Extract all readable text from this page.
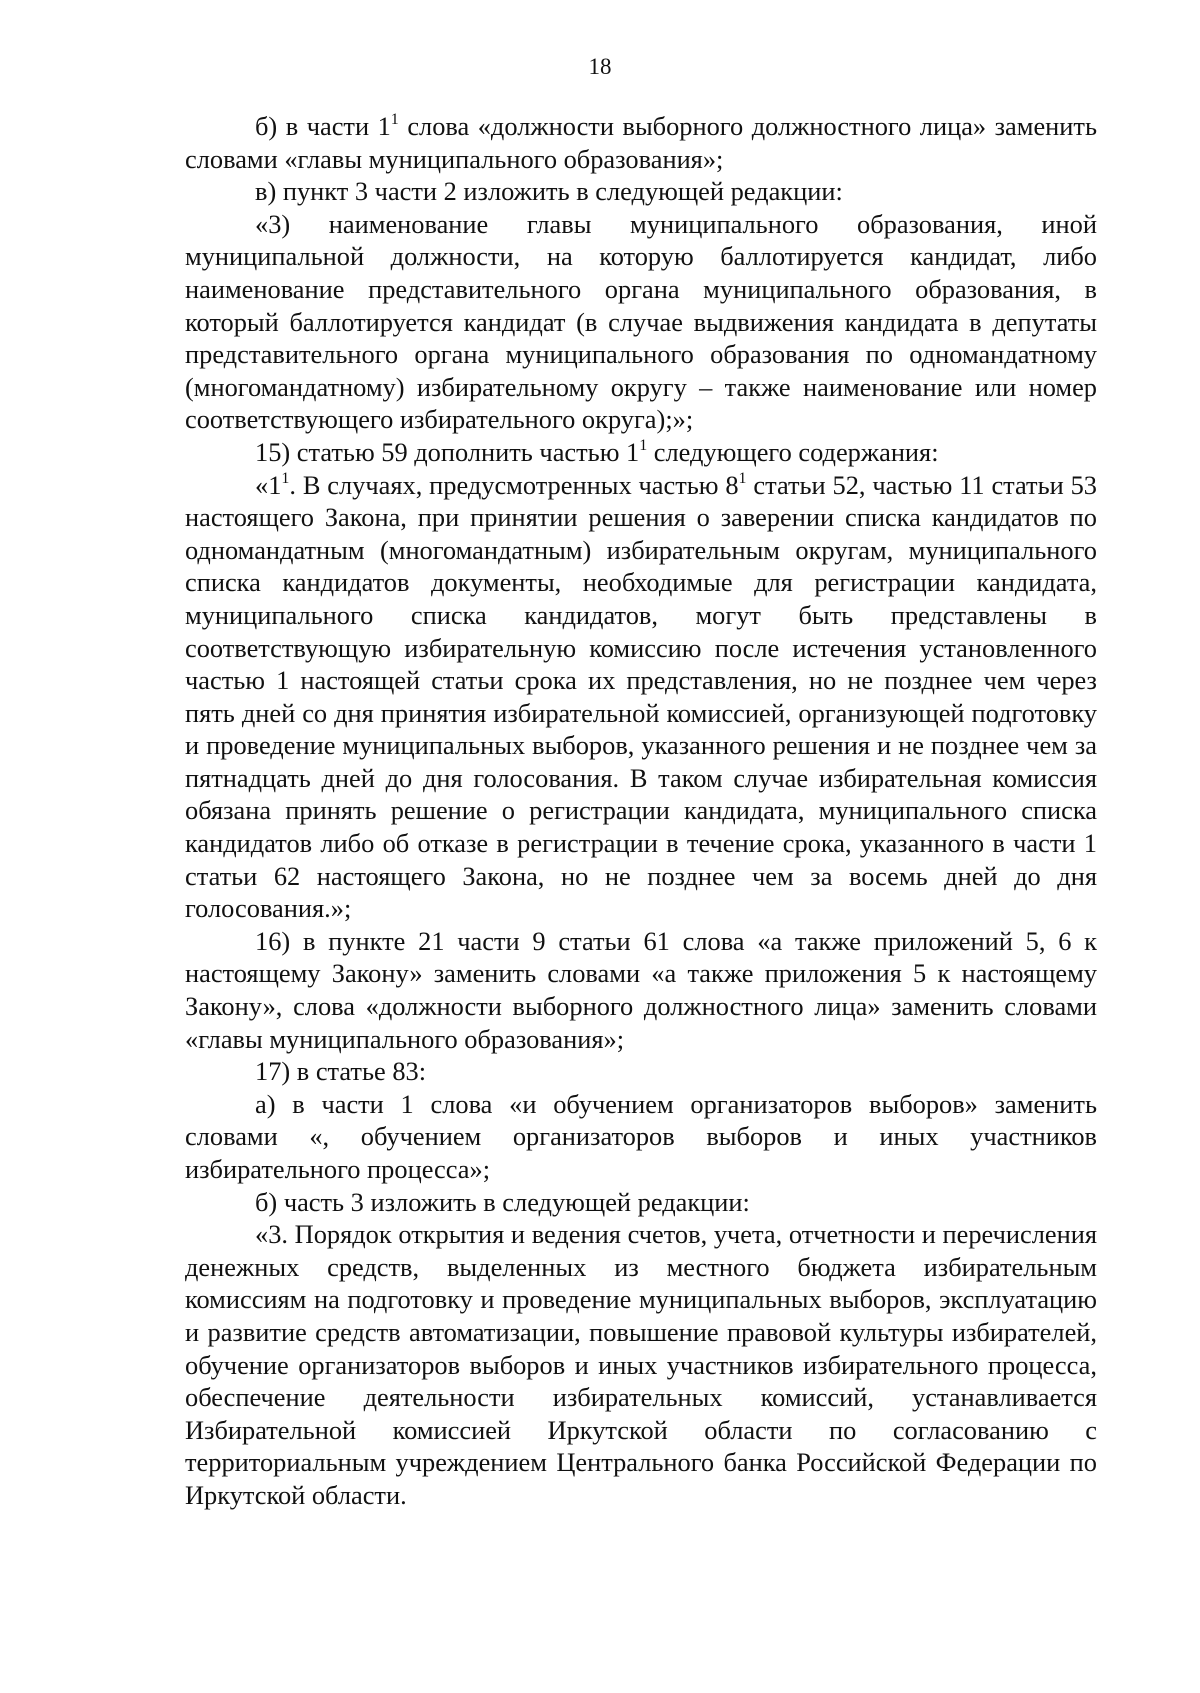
18

б) в части $1^1$ слова «должности выборного должностного лица» заменить словами «главы муниципального образования»;

в) пункт 3 части 2 изложить в следующей редакции:

«3) наименование главы муниципального образования, иной муниципальной должности, на которую баллотируется кандидат, либо наименование представительного органа муниципального образования, в который баллотируется кандидат (в случае выдвижения кандидата в депутаты представительного органа муниципального образования по одномандатному (многомандатному) избирательному округу – также наименование или номер соответствующего избирательного округа);»;

15) статью 59 дополнить частью $1^1$ следующего содержания:

«$1^1$. В случаях, предусмотренных частью $8^1$ статьи 52, частью 11 статьи 53 настоящего Закона, при принятии решения о заверении списка кандидатов по одномандатным (многомандатным) избирательным округам, муниципального списка кандидатов документы, необходимые для регистрации кандидата, муниципального списка кандидатов, могут быть представлены в соответствующую избирательную комиссию после истечения установленного частью 1 настоящей статьи срока их представления, но не позднее чем через пять дней со дня принятия избирательной комиссией, организующей подготовку и проведение муниципальных выборов, указанного решения и не позднее чем за пятнадцать дней до дня голосования. В таком случае избирательная комиссия обязана принять решение о регистрации кандидата, муниципального списка кандидатов либо об отказе в регистрации в течение срока, указанного в части 1 статьи 62 настоящего Закона, но не позднее чем за восемь дней до дня голосования.»;

16) в пункте 21 части 9 статьи 61 слова «а также приложений 5, 6 к настоящему Закону» заменить словами «а также приложения 5 к настоящему Закону», слова «должности выборного должностного лица» заменить словами «главы муниципального образования»;

17) в статье 83:

а) в части 1 слова «и обучением организаторов выборов» заменить словами «, обучением организаторов выборов и иных участников избирательного процесса»;

б) часть 3 изложить в следующей редакции:

«3. Порядок открытия и ведения счетов, учета, отчетности и перечисления денежных средств, выделенных из местного бюджета избирательным комиссиям на подготовку и проведение муниципальных выборов, эксплуатацию и развитие средств автоматизации, повышение правовой культуры избирателей, обучение организаторов выборов и иных участников избирательного процесса, обеспечение деятельности избирательных комиссий, устанавливается Избирательной комиссией Иркутской области по согласованию с территориальным учреждением Центрального банка Российской Федерации по Иркутской области.
